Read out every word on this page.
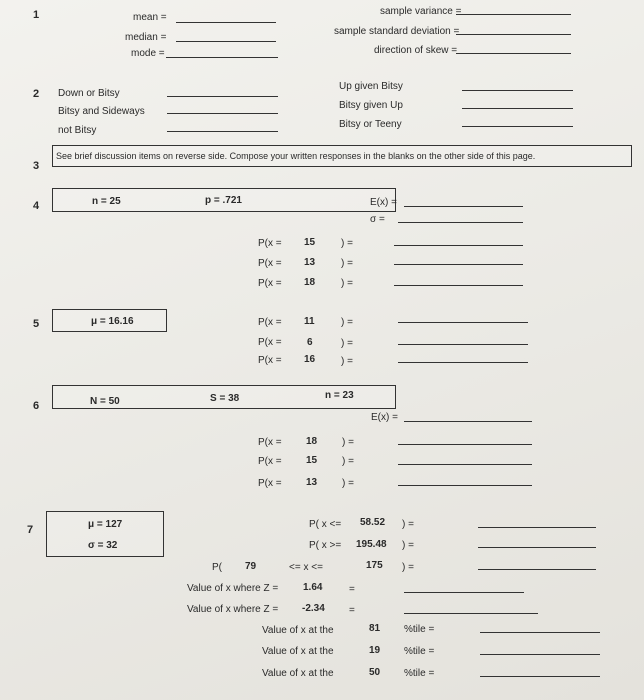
1	mean =
median =
mode =
sample variance =
sample standard deviation =
direction of skew =
2 Down or Bitsy
Bitsy and Sideways
not Bitsy
Up given Bitsy
Bitsy given Up
Bitsy or Teeny
3
See brief discussion items on reverse side. Compose your written responses in the blanks on the other side of this page.
4	n = 25	p = .721	E(x) =
σ =
P(x = 15	) =
P(x = 13	) =
P(x = 18	) =
5	μ = 16.16	P(x = 11	) =
P(x =	6	) =
P(x = 16	) =
6	N = 50	S = 38	n = 23
E(x) =
P(x = 18 ) =
P(x = 15 ) =
P(x = 13 ) =
7	μ = 127
σ = 32
P( x <= 58.52 ) =
P( x >= 195.48 ) =
P( 79	<= x <=	175 ) =
Value of x where Z = 1.64	=
Value of x where Z = -2.34 =
Value of x at the	81 %tile =
Value of x at the	19 %tile =
Value of x at the	50 %tile =
